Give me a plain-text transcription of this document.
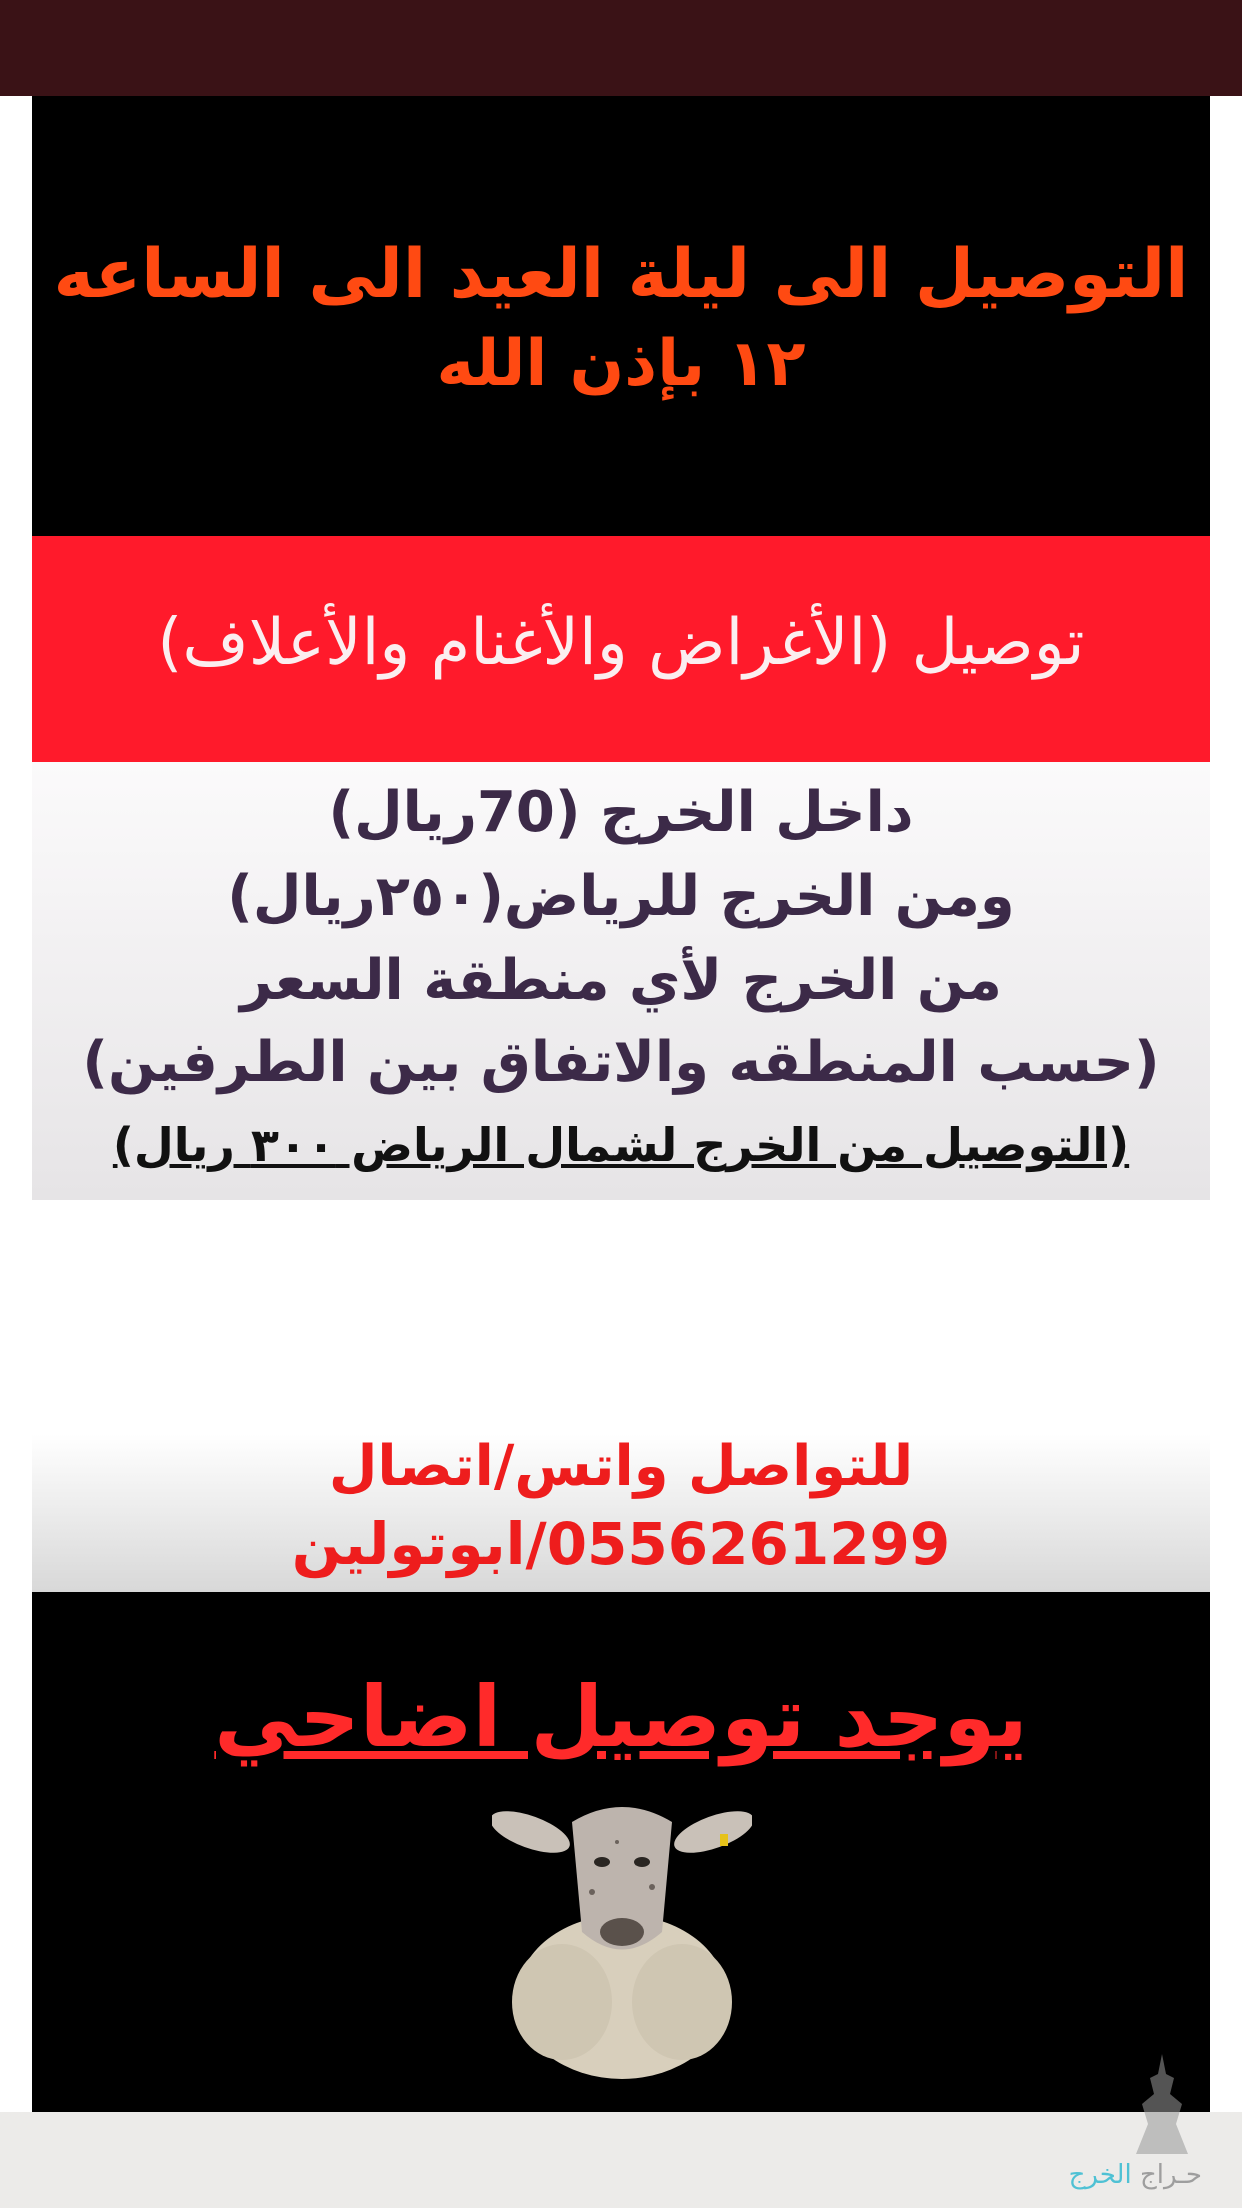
التوصيل الى ليلة العيد الى الساعه
١٢ بإذن الله
توصيل (الأغراض والأغنام والأعلاف)
داخل الخرج (70ريال)
ومن الخرج للرياض(٢٥٠ريال)
من الخرج لأي منطقة السعر
(حسب المنطقه والاتفاق بين الطرفين)
(التوصيل من الخرج لشمال الرياض ٣٠٠ ريال)
للتواصل واتس/اتصال
0556261299/ابوتولين
يوجد توصيل اضاحي
حـراج الخرج
